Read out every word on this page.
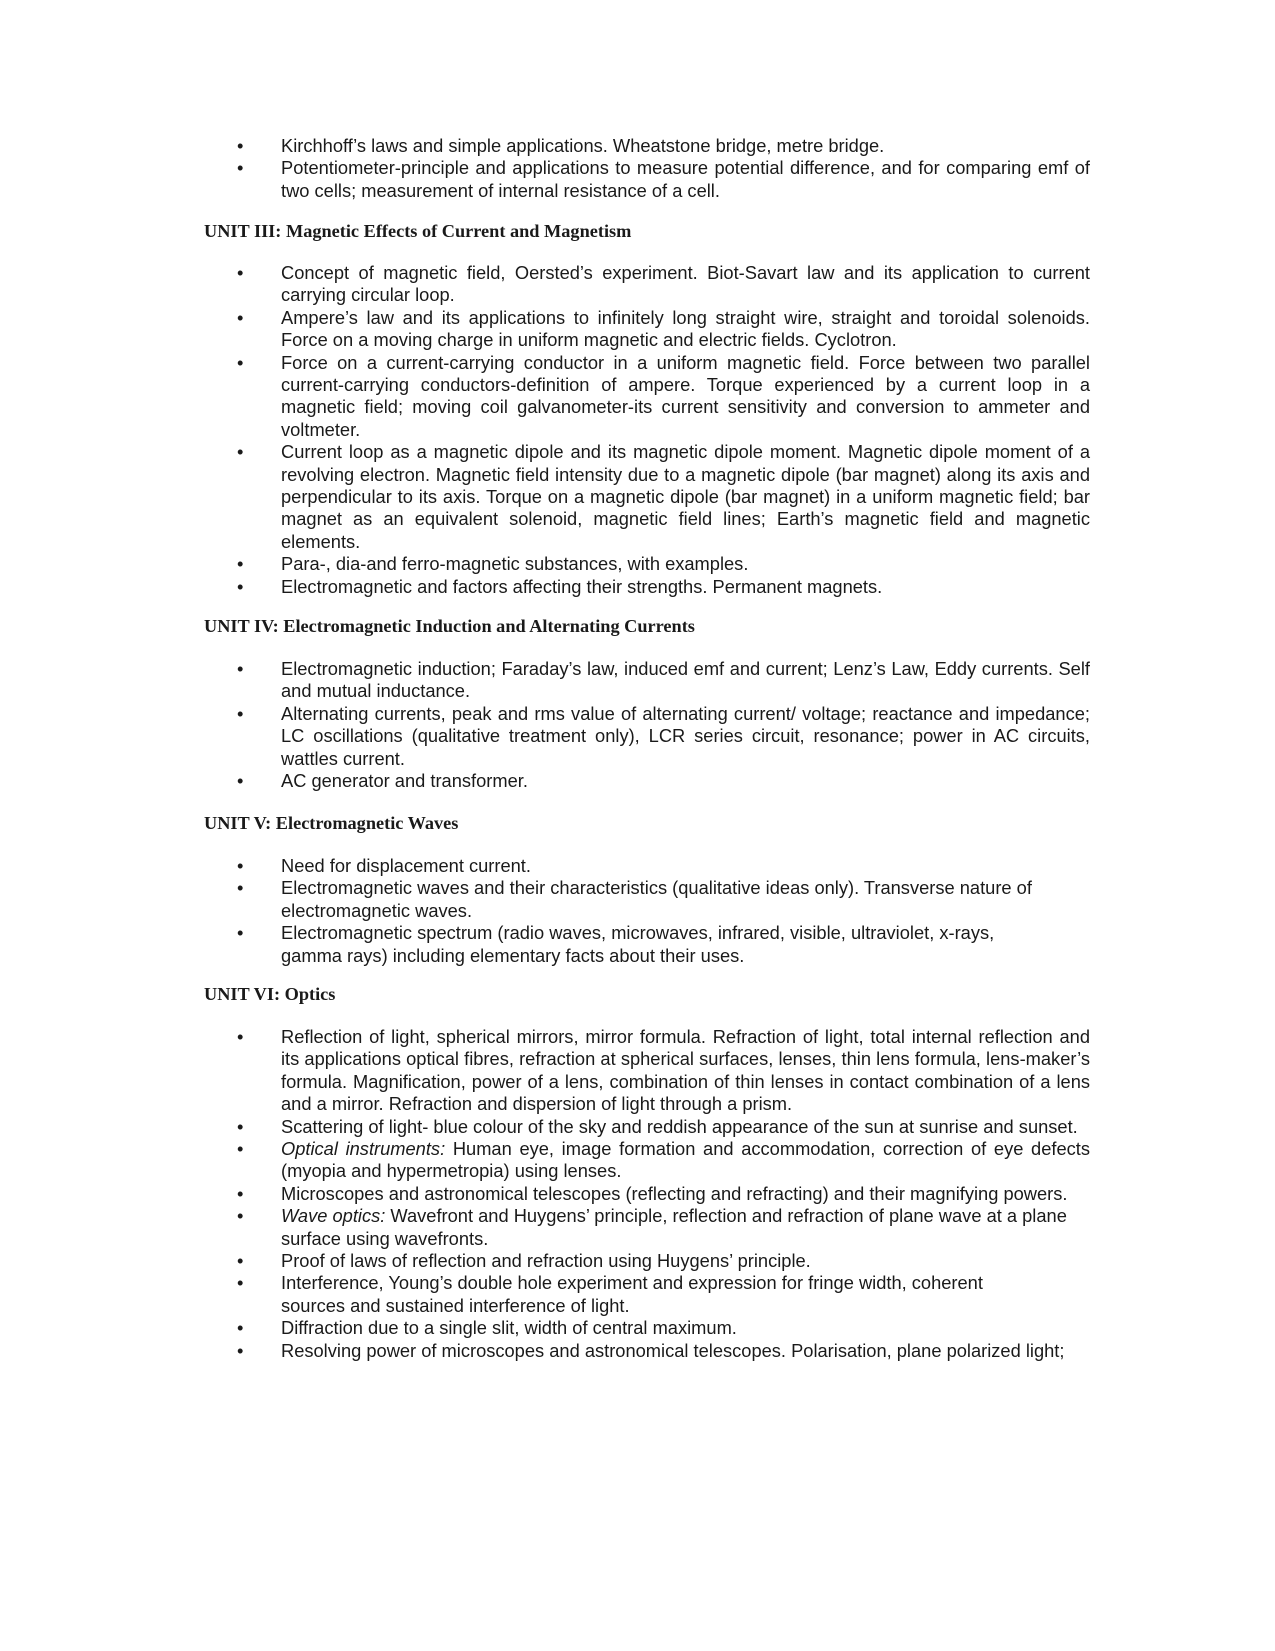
• Kirchhoff’s laws and simple applications. Wheatstone bridge, metre bridge.
• Potentiometer-principle and applications to measure potential difference, and for comparing emf of two cells; measurement of internal resistance of a cell.
UNIT III: Magnetic Effects of Current and Magnetism
• Concept of magnetic field, Oersted’s experiment. Biot-Savart law and its application to current carrying circular loop.
• Ampere’s law and its applications to infinitely long straight wire, straight and toroidal solenoids. Force on a moving charge in uniform magnetic and electric fields. Cyclotron.
• Force on a current-carrying conductor in a uniform magnetic field. Force between two parallel current-carrying conductors-definition of ampere. Torque experienced by a current loop in a magnetic field; moving coil galvanometer-its current sensitivity and conversion to ammeter and voltmeter.
• Current loop as a magnetic dipole and its magnetic dipole moment. Magnetic dipole moment of a revolving electron. Magnetic field intensity due to a magnetic dipole (bar magnet) along its axis and perpendicular to its axis. Torque on a magnetic dipole (bar magnet) in a uniform magnetic field; bar magnet as an equivalent solenoid, magnetic field lines; Earth’s magnetic field and magnetic elements.
• Para-, dia-and ferro-magnetic substances, with examples.
• Electromagnetic and factors affecting their strengths. Permanent magnets.
UNIT IV: Electromagnetic Induction and Alternating Currents
• Electromagnetic induction; Faraday’s law, induced emf and current; Lenz’s Law, Eddy currents. Self and mutual inductance.
• Alternating currents, peak and rms value of alternating current/ voltage; reactance and impedance; LC oscillations (qualitative treatment only), LCR series circuit, resonance; power in AC circuits, wattles current.
• AC generator and transformer.
UNIT V: Electromagnetic Waves
• Need for displacement current.
• Electromagnetic waves and their characteristics (qualitative ideas only). Transverse nature of electromagnetic waves.
• Electromagnetic spectrum (radio waves, microwaves, infrared, visible, ultraviolet, x-rays, gamma rays) including elementary facts about their uses.
UNIT VI: Optics
• Reflection of light, spherical mirrors, mirror formula. Refraction of light, total internal reflection and its applications optical fibres, refraction at spherical surfaces, lenses, thin lens formula, lens-maker’s formula. Magnification, power of a lens, combination of thin lenses in contact combination of a lens and a mirror. Refraction and dispersion of light through a prism.
• Scattering of light- blue colour of the sky and reddish appearance of the sun at sunrise and sunset.
• Optical instruments: Human eye, image formation and accommodation, correction of eye defects (myopia and hypermetropia) using lenses.
• Microscopes and astronomical telescopes (reflecting and refracting) and their magnifying powers.
• Wave optics: Wavefront and Huygens’ principle, reflection and refraction of plane wave at a plane surface using wavefronts.
• Proof of laws of reflection and refraction using Huygens’ principle.
• Interference, Young’s double hole experiment and expression for fringe width, coherent sources and sustained interference of light.
• Diffraction due to a single slit, width of central maximum.
• Resolving power of microscopes and astronomical telescopes. Polarisation, plane polarized light;
